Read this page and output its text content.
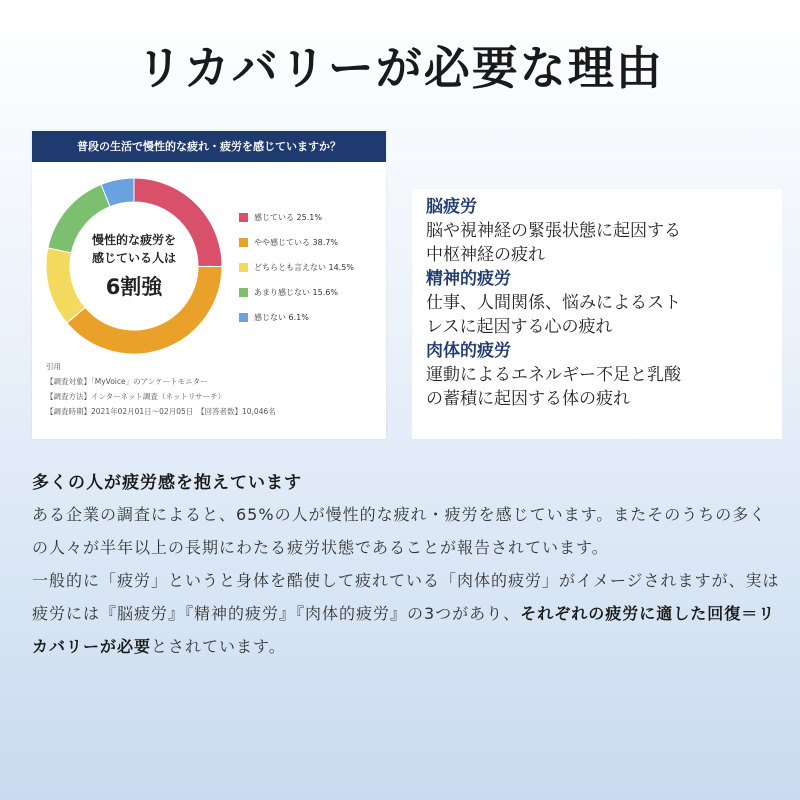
リカバリーが必要な理由
普段の生活で慢性的な疲れ・疲労を感じていますか？
慢性的な疲労を
感じている人は
6割強
感じている 25.1%
やや感じている 38.7%
どちらとも言えない 14.5%
あまり感じない 15.6%
感じない 6.1%
引用
【調査対象】「MyVoice」のアンケートモニター
【調査方法】インターネット調査（ネットリサーチ）
【調査時期】2021年02月01日〜02月05日　【回答者数】10,046名
脳疲労
脳や視神経の緊張状態に起因する
中枢神経の疲れ
精神的疲労
仕事、人間関係、悩みによるスト
レスに起因する心の疲れ
肉体的疲労
運動によるエネルギー不足と乳酸
の蓄積に起因する体の疲れ
多くの人が疲労感を抱えています
ある企業の調査によると、65%の人が慢性的な疲れ・疲労を感じています。またそのうちの多くの人々が半年以上の長期にわたる疲労状態であることが報告されています。
一般的に「疲労」というと身体を酷使して疲れている「肉体的疲労」がイメージされますが、実は疲労には『脳疲労』『精神的疲労』『肉体的疲労』の3つがあり、それぞれの疲労に適した回復＝リカバリーが必要とされています。
